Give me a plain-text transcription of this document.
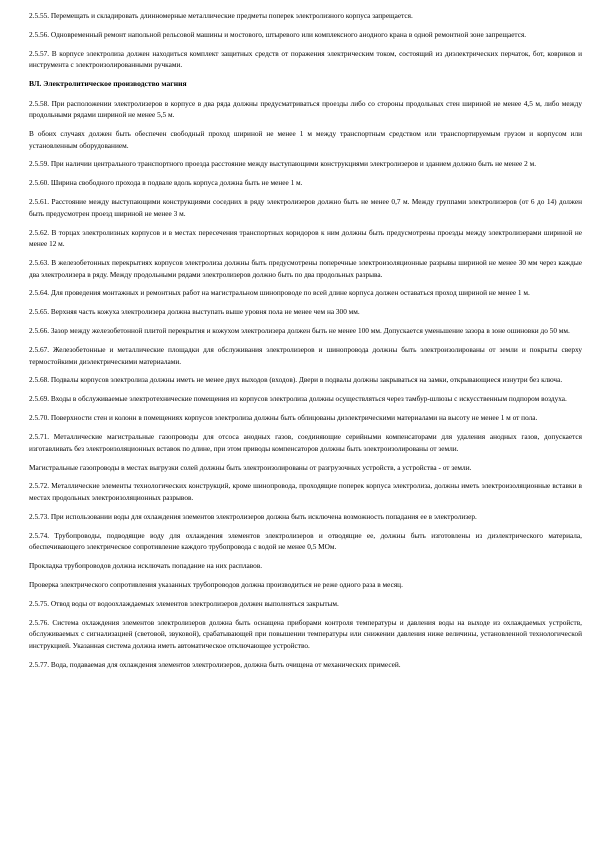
2.5.55. Перемещать и складировать длинномерные металлические предметы поперек электролизного корпуса запрещается.

2.5.56. Одновременный ремонт напольной рельсовой машины и мостового, штыревого или комплексного анодного крана в одной ремонтной зоне запрещается.

2.5.57. В корпусе электролиза должен находиться комплект защитных средств от поражения электрическим током, состоящий из диэлектрических перчаток, бот, ковриков и инструмента с электроизолированными ручками.

ВЛ. Электролитическое производство магния

2.5.58. При расположении электролизеров в корпусе в два ряда должны предусматриваться проезды либо со стороны продольных стен шириной не менее 4,5 м, либо между продольными рядами шириной не менее 5,5 м.

В обоих случаях должен быть обеспечен свободный проход шириной не менее 1 м между транспортным средством или транспортируемым грузом и корпусом или установленным оборудованием.

2.5.59. При наличии центрального транспортного проезда расстояние между выступающими конструкциями электролизеров и зданием должно быть не менее 2 м.

2.5.60. Ширина свободного прохода в подвале вдоль корпуса должна быть не менее 1 м.

2.5.61. Расстояние между выступающими конструкциями соседних в ряду электролизеров должно быть не менее 0,7 м. Между группами электролизеров (от 6 до 14) должен быть предусмотрен проезд шириной не менее 3 м.

2.5.62. В торцах электролизных корпусов и в местах пересечения транспортных коридоров к ним должны быть предусмотрены проезды между электролизерами шириной не менее 12 м.

2.5.63. В железобетонных перекрытиях корпусов электролиза должны быть предусмотрены поперечные электроизоляционные разрывы шириной не менее 30 мм через каждые два электролизера в ряду. Между продольными рядами электролизеров должно быть по два продольных разрыва.

2.5.64. Для проведения монтажных и ремонтных работ на магистральном шинопроводе по всей длине корпуса должен оставаться проход шириной не менее 1 м.

2.5.65. Верхняя часть кожуха электролизера должна выступать выше уровня пола не менее чем на 300 мм.

2.5.66. Зазор между железобетонной плитой перекрытия и кожухом электролизера должен быть не менее 100 мм. Допускается уменьшение зазора в зоне ошиновки до 50 мм.

2.5.67. Железобетонные и металлические площадки для обслуживания электролизеров и шинопровода должны быть электроизолированы от земли и покрыты сверху термостойкими диэлектрическими материалами.

2.5.68. Подвалы корпусов электролиза должны иметь не менее двух выходов (входов). Двери в подвалы должны закрываться на замки, открывающиеся изнутри без ключа.

2.5.69. Входы в обслуживаемые электротехнические помещения из корпусов электролиза должны осуществляться через тамбур-шлюзы с искусственным подпором воздуха.

2.5.70. Поверхности стен и колонн в помещениях корпусов электролиза должны быть облицованы диэлектрическими материалами на высоту не менее 1 м от пола.

2.5.71. Металлические магистральные газопроводы для отсоса анодных газов, соединяющие серийными компенсаторами для удаления анодных газов, допускается изготавливать без электроизоляционных вставок по длине, при этом приводы компенсаторов должны быть электроизолированы от земли.

Магистральные газопроводы в местах выгрузки солей должны быть электроизолированы от разгрузочных устройств, а устройства - от земли.

2.5.72. Металлические элементы технологических конструкций, кроме шинопровода, проходящие поперек корпуса электролиза, должны иметь электроизоляционные вставки в местах продольных электроизоляционных разрывов.

2.5.73. При использовании воды для охлаждения элементов электролизеров должна быть исключена возможность попадания ее в электролизер.

2.5.74. Трубопроводы, подводящие воду для охлаждения элементов электролизеров и отводящие ее, должны быть изготовлены из диэлектрического материала, обеспечивающего электрическое сопротивление каждого трубопровода с водой не менее 0,5 МОм.

Прокладка трубопроводов должна исключать попадание на них расплавов.

Проверка электрического сопротивления указанных трубопроводов должна производиться не реже одного раза в месяц.

2.5.75. Отвод воды от водоохлаждаемых элементов электролизеров должен выполняться закрытым.

2.5.76. Система охлаждения элементов электролизеров должна быть оснащена приборами контроля температуры и давления воды на выходе из охлаждаемых устройств, обслуживаемых с сигнализацией (световой, звуковой), срабатывающей при повышении температуры или снижении давления ниже величины, установленной технологической инструкцией. Указанная система должна иметь автоматическое отключающее устройство.

2.5.77. Вода, подаваемая для охлаждения элементов электролизеров, должна быть очищена от механических примесей.
